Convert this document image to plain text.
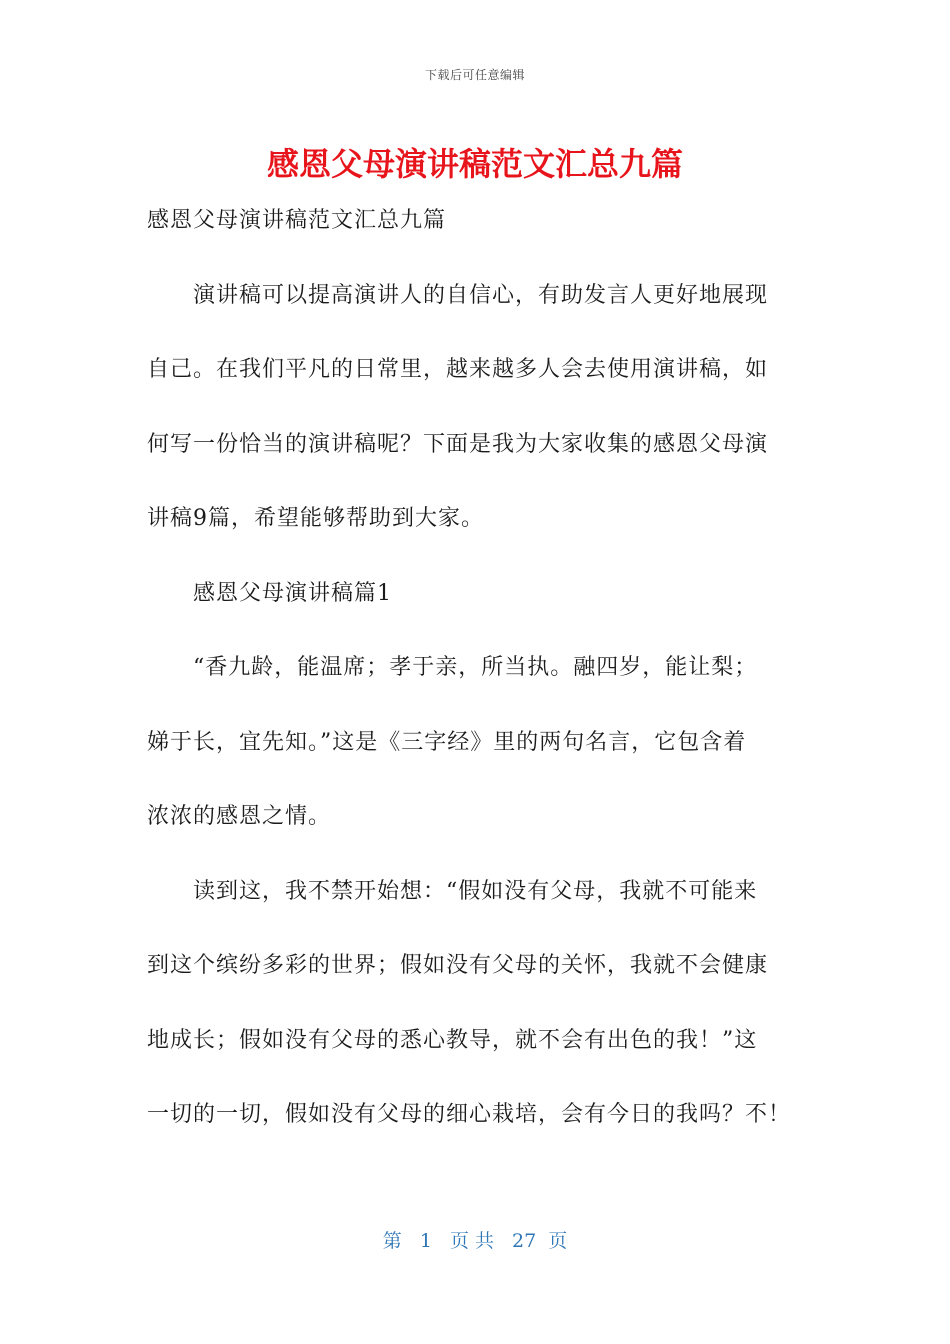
下载后可任意编辑
感恩父母演讲稿范文汇总九篇
感恩父母演讲稿范文汇总九篇
演讲稿可以提高演讲人的自信心，有助发言人更好地展现
自己。在我们平凡的日常里，越来越多人会去使用演讲稿，如
何写一份恰当的演讲稿呢？下面是我为大家收集的感恩父母演
讲稿9篇，希望能够帮助到大家。
感恩父母演讲稿篇1
“香九龄，能温席；孝于亲，所当执。融四岁，能让梨；
娣于长，宜先知。”这是《三字经》里的两句名言，它包含着
浓浓的感恩之情。
读到这，我不禁开始想：“假如没有父母，我就不可能来
到这个缤纷多彩的世界；假如没有父母的关怀，我就不会健康
地成长；假如没有父母的悉心教导，就不会有出色的我！”这
一切的一切，假如没有父母的细心栽培，会有今日的我吗？不！
第 1 页 共 27 页
